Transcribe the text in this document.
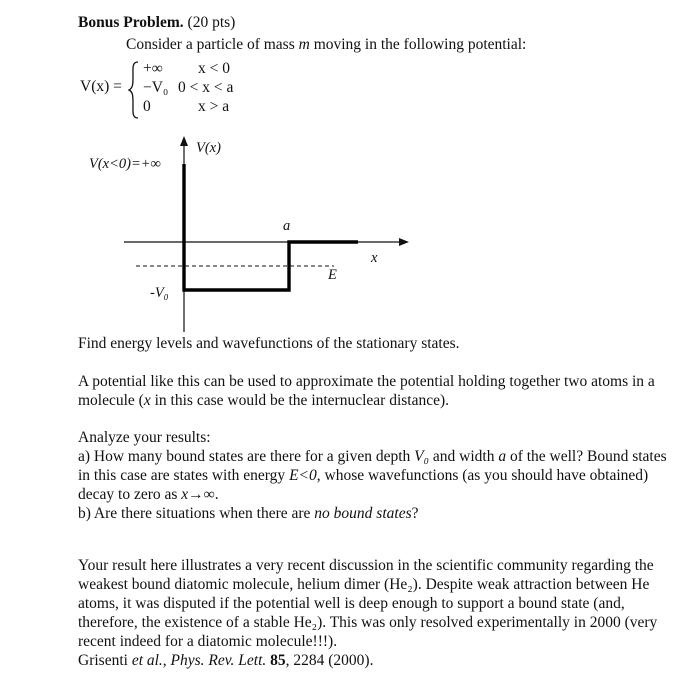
Bonus Problem. (20 pts)
Consider a particle of mass m moving in the following potential:
V(x) =
+∞ x < 0
−V₀ 0 < x < a
0	x > a
V(x)
V(x<0)=+∞
a
x
E
-V₀

Find energy levels and wavefunctions of the stationary states.

A potential like this can be used to approximate the potential holding together two atoms in a molecule (x in this case would be the internuclear distance).

Analyze your results:

a) How many bound states are there for a given depth V₀ and width a of the well? Bound states in this case are states with energy E<0, whose wavefunctions (as you should have obtained) decay to zero as x→∞.

b) Are there situations when there are no bound states?

Your result here illustrates a very recent discussion in the scientific community regarding the weakest bound diatomic molecule, helium dimer (He₂). Despite weak attraction between He atoms, it was disputed if the potential well is deep enough to support a bound state (and, therefore, the existence of a stable He₂). This was only resolved experimentally in 2000 (very recent indeed for a diatomic molecule!!!).

Grisenti et al., Phys. Rev. Lett. 85, 2284 (2000).
